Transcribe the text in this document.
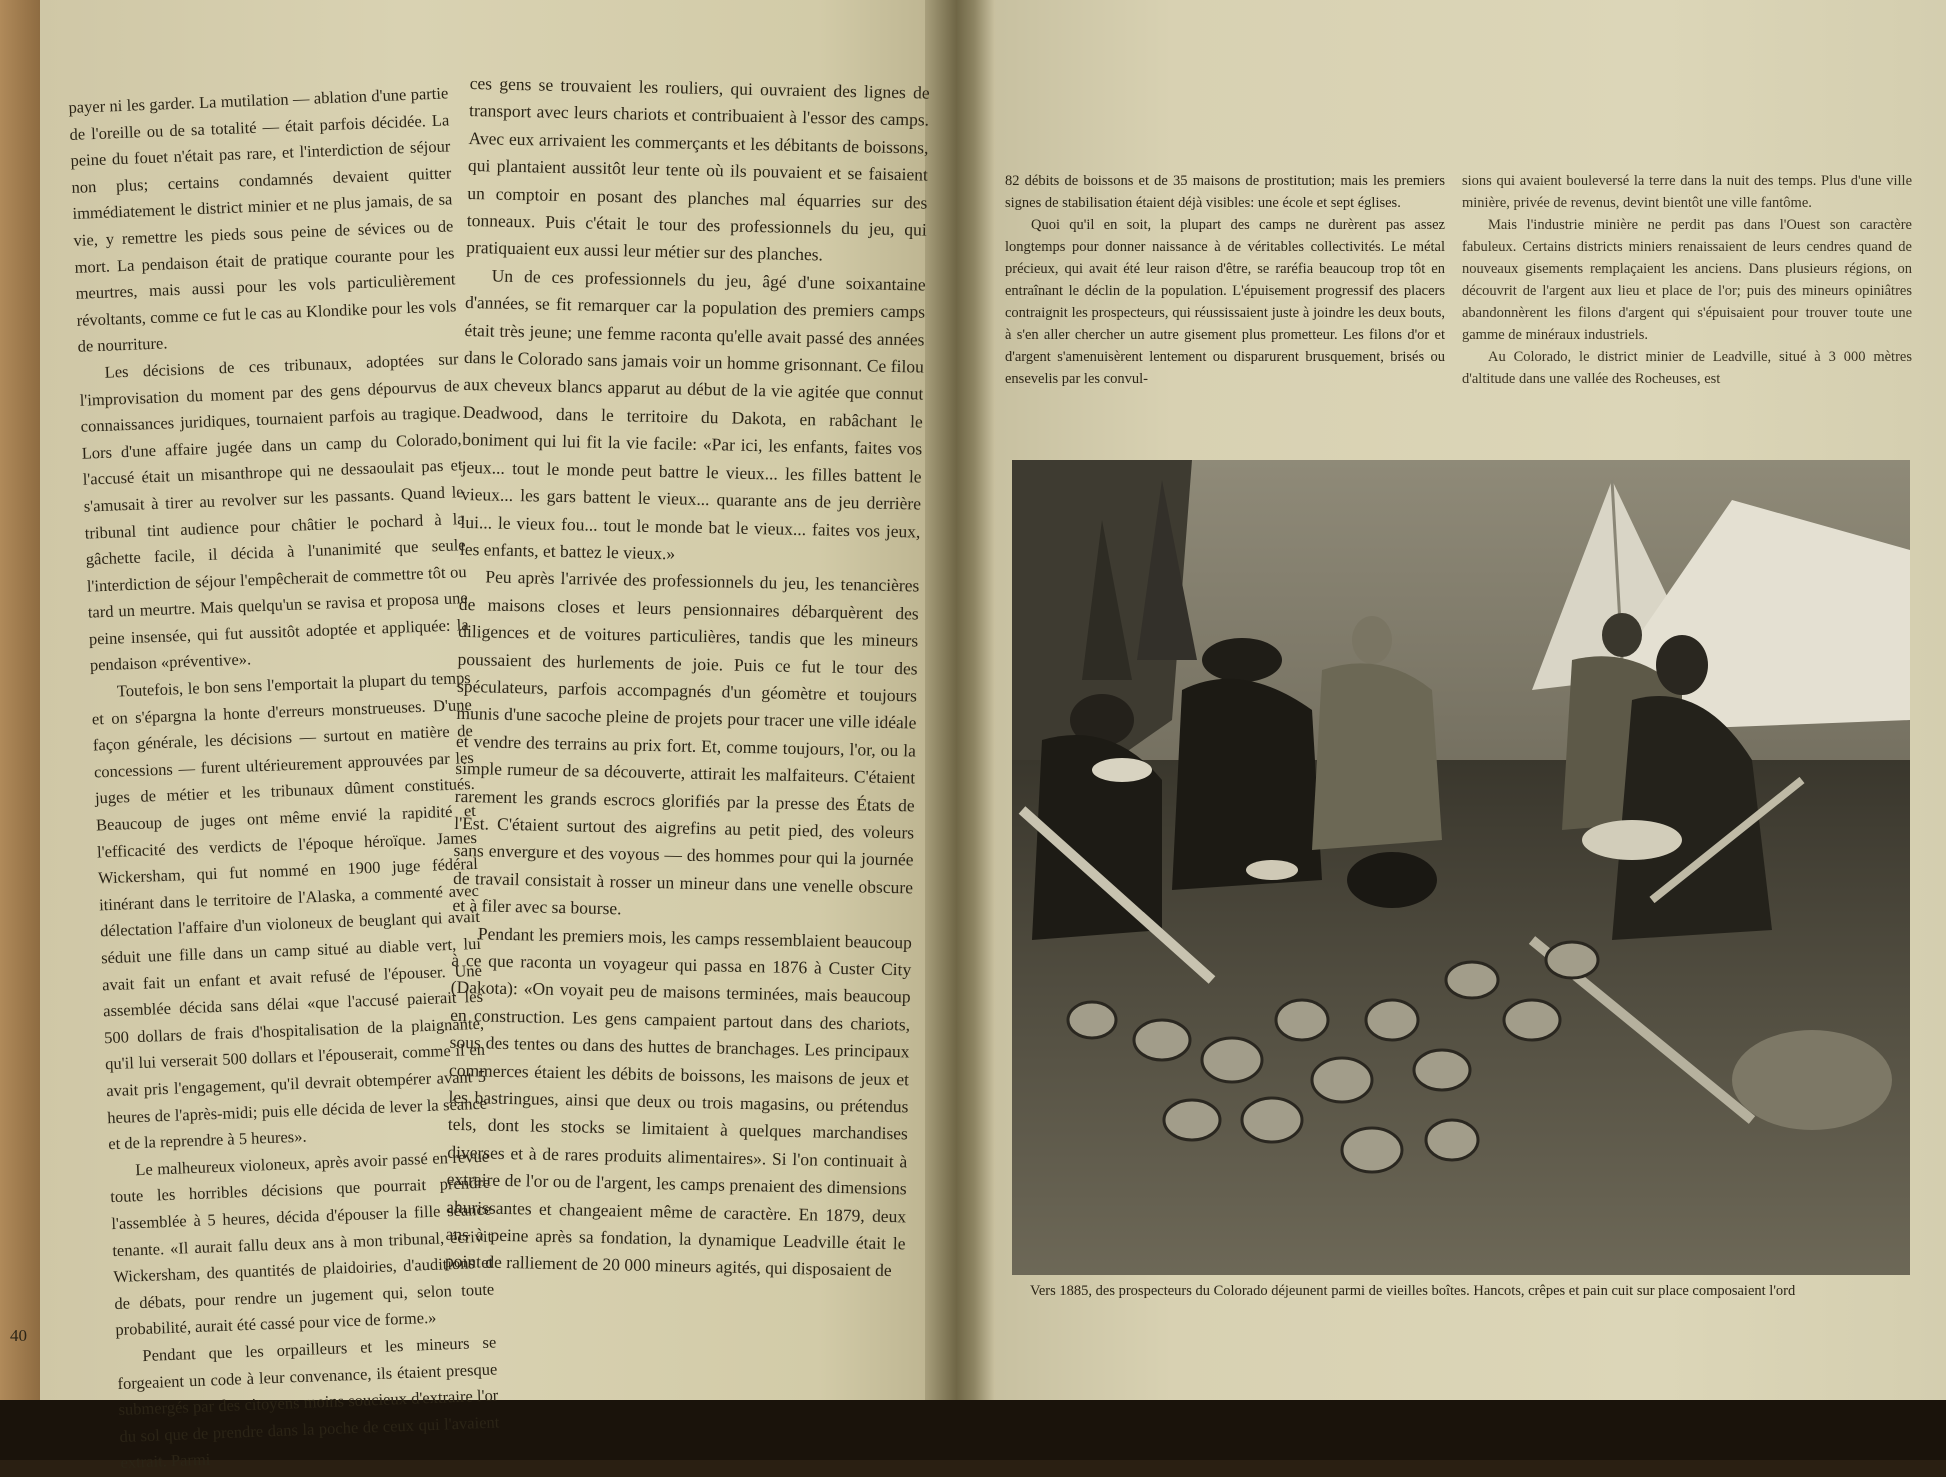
payer ni les garder. La mutilation — ablation d'une partie de l'oreille ou de sa totalité — était parfois décidée. La peine du fouet n'était pas rare, et l'interdiction de séjour non plus; certains condamnés devaient quitter immédiatement le district minier et ne plus jamais, de sa vie, y remettre les pieds sous peine de sévices ou de mort. La pendaison était de pratique courante pour les meurtres, mais aussi pour les vols particulièrement révoltants, comme ce fut le cas au Klondike pour les vols de nourriture.

Les décisions de ces tribunaux, adoptées sur l'improvisation du moment par des gens dépourvus de connaissances juridiques, tournaient parfois au tragique. Lors d'une affaire jugée dans un camp du Colorado, l'accusé était un misanthrope qui ne dessaoulait pas et s'amusait à tirer au revolver sur les passants. Quand le tribunal tint audience pour châtier le pochard à la gâchette facile, il décida à l'unanimité que seule l'interdiction de séjour l'empêcherait de commettre tôt ou tard un meurtre. Mais quelqu'un se ravisa et proposa une peine insensée, qui fut aussitôt adoptée et appliquée: la pendaison «préventive».

Toutefois, le bon sens l'emportait la plupart du temps et on s'épargna la honte d'erreurs monstrueuses. D'une façon générale, les décisions — surtout en matière de concessions — furent ultérieurement approuvées par les juges de métier et les tribunaux dûment constitués. Beaucoup de juges ont même envié la rapidité et l'efficacité des verdicts de l'époque héroïque. James Wickersham, qui fut nommé en 1900 juge fédéral itinérant dans le territoire de l'Alaska, a commenté avec délectation l'affaire d'un violoneux de beuglant qui avait séduit une fille dans un camp situé au diable vert, lui avait fait un enfant et avait refusé de l'épouser. Une assemblée décida sans délai «que l'accusé paierait les 500 dollars de frais d'hospitalisation de la plaignante, qu'il lui verserait 500 dollars et l'épouserait, comme il en avait pris l'engagement, qu'il devrait obtempérer avant 5 heures de l'après-midi; puis elle décida de lever la séance et de la reprendre à 5 heures».

Le malheureux violoneux, après avoir passé en revue toute les horribles décisions que pourrait prendre l'assemblée à 5 heures, décida d'épouser la fille séance tenante. «Il aurait fallu deux ans à mon tribunal, écrivit Wickersham, des quantités de plaidoiries, d'auditions et de débats, pour rendre un jugement qui, selon toute probabilité, aurait été cassé pour vice de forme.»

Pendant que les orpailleurs et les mineurs se forgeaient un code à leur convenance, ils étaient presque submergés par des citoyens moins soucieux d'extraire l'or du sol que de prendre dans la poche de ceux qui l'avaient extrait. Parmi

40

ces gens se trouvaient les rouliers, qui ouvraient des lignes de transport avec leurs chariots et contribuaient à l'essor des camps. Avec eux arrivaient les commerçants et les débitants de boissons, qui plantaient aussitôt leur tente où ils pouvaient et se faisaient un comptoir en posant des planches mal équarries sur des tonneaux. Puis c'était le tour des professionnels du jeu, qui pratiquaient eux aussi leur métier sur des planches.

Un de ces professionnels du jeu, âgé d'une soixantaine d'années, se fit remarquer car la population des premiers camps était très jeune; une femme raconta qu'elle avait passé des années dans le Colorado sans jamais voir un homme grisonnant. Ce filou aux cheveux blancs apparut au début de la vie agitée que connut Deadwood, dans le territoire du Dakota, en rabâchant le boniment qui lui fit la vie facile: «Par ici, les enfants, faites vos jeux... tout le monde peut battre le vieux... les filles battent le vieux... les gars battent le vieux... quarante ans de jeu derrière lui... le vieux fou... tout le monde bat le vieux... faites vos jeux, les enfants, et battez le vieux.»

Peu après l'arrivée des professionnels du jeu, les tenancières de maisons closes et leurs pensionnaires débarquèrent des diligences et de voitures particulières, tandis que les mineurs poussaient des hurlements de joie. Puis ce fut le tour des spéculateurs, parfois accompagnés d'un géomètre et toujours munis d'une sacoche pleine de projets pour tracer une ville idéale et vendre des terrains au prix fort. Et, comme toujours, l'or, ou la simple rumeur de sa découverte, attirait les malfaiteurs. C'étaient rarement les grands escrocs glorifiés par la presse des États de l'Est. C'étaient surtout des aigrefins au petit pied, des voleurs sans envergure et des voyous — des hommes pour qui la journée de travail consistait à rosser un mineur dans une venelle obscure et à filer avec sa bourse.

Pendant les premiers mois, les camps ressemblaient beaucoup à ce que raconta un voyageur qui passa en 1876 à Custer City (Dakota): «On voyait peu de maisons terminées, mais beaucoup en construction. Les gens campaient partout dans des chariots, sous des tentes ou dans des huttes de branchages. Les principaux commerces étaient les débits de boissons, les maisons de jeux et les bastringues, ainsi que deux ou trois magasins, ou prétendus tels, dont les stocks se limitaient à quelques marchandises diverses et à de rares produits alimentaires». Si l'on continuait à extraire de l'or ou de l'argent, les camps prenaient des dimensions ahurissantes et changeaient même de caractère. En 1879, deux ans à peine après sa fondation, la dynamique Leadville était le point de ralliement de 20 000 mineurs agités, qui disposaient de

82 débits de boissons et de 35 maisons de prostitution; mais les premiers signes de stabilisation étaient déjà visibles: une école et sept églises.

Quoi qu'il en soit, la plupart des camps ne durèrent pas assez longtemps pour donner naissance à de véritables collectivités. Le métal précieux, qui avait été leur raison d'être, se raréfia beaucoup trop tôt en entraînant le déclin de la population. L'épuisement progressif des placers contraignit les prospecteurs, qui réussissaient juste à joindre les deux bouts, à s'en aller chercher un autre gisement plus prometteur. Les filons d'or et d'argent s'amenuisèrent lentement ou disparurent brusquement, brisés ou ensevelis par les convul-

sions qui avaient bouleversé la terre dans la nuit des temps. Plus d'une ville minière, privée de revenus, devint bientôt une ville fantôme.

Mais l'industrie minière ne perdit pas dans l'Ouest son caractère fabuleux. Certains districts miniers renaissaient de leurs cendres quand de nouveaux gisements remplaçaient les anciens. Dans plusieurs régions, on découvrit de l'argent aux lieu et place de l'or; puis des mineurs opiniâtres abandonnèrent les filons d'argent qui s'épuisaient pour trouver toute une gamme de minéraux industriels.

Au Colorado, le district minier de Leadville, situé à 3 000 mètres d'altitude dans une vallée des Rocheuses, est

Vers 1885, des prospecteurs du Colorado déjeunent parmi de vieilles boîtes. Hancots, crêpes et pain cuit sur place composaient l'ord
